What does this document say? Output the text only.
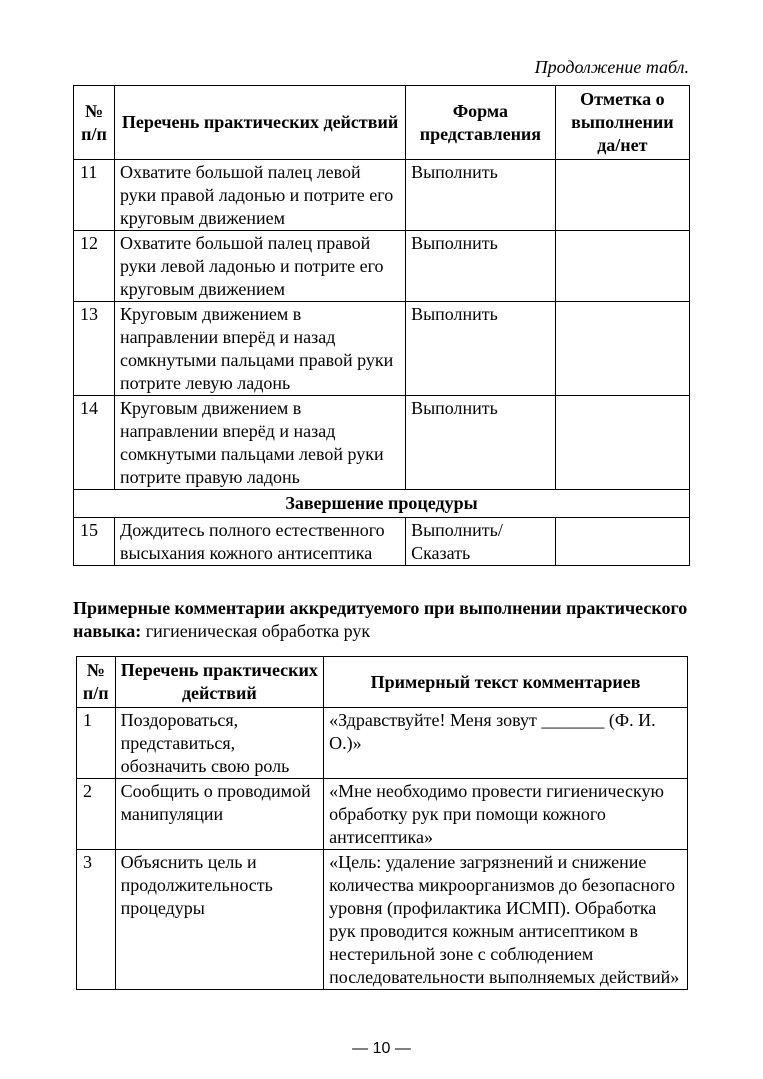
Продолжение табл.
№ п/п	Перечень практических действий	Форма представления	Отметка о выполнении да/нет
11	Охватите большой палец левой руки правой ладонью и потрите его круговым движением	Выполнить	
12	Охватите большой палец правой руки левой ладонью и потрите его круговым движением	Выполнить	
13	Круговым движением в направлении вперёд и назад сомкнутыми пальцами правой руки потрите левую ладонь	Выполнить	
14	Круговым движением в направлении вперёд и назад сомкнутыми пальцами левой руки потрите правую ладонь	Выполнить	
Завершение процедуры			
15	Дождитесь полного естественного высыхания кожного антисептика	Выполнить/ Сказать	
Примерные комментарии аккредитуемого при выполнении практического навыка: гигиеническая обработка рук
№ п/п	Перечень практических действий	Примерный текст комментариев
1	Поздороваться, представиться, обозначить свою роль	«Здравствуйте! Меня зовут _______ (Ф. И. О.)»
2	Сообщить о проводимой манипуляции	«Мне необходимо провести гигиеническую обработку рук при помощи кожного антисептика»
3	Объяснить цель и продолжительность процедуры	«Цель: удаление загрязнений и снижение количества микроорганизмов до безопасного уровня (профилактика ИСМП). Обработка рук проводится кожным антисептиком в нестерильной зоне с соблюдением последовательности выполняемых действий»
— 10 —
